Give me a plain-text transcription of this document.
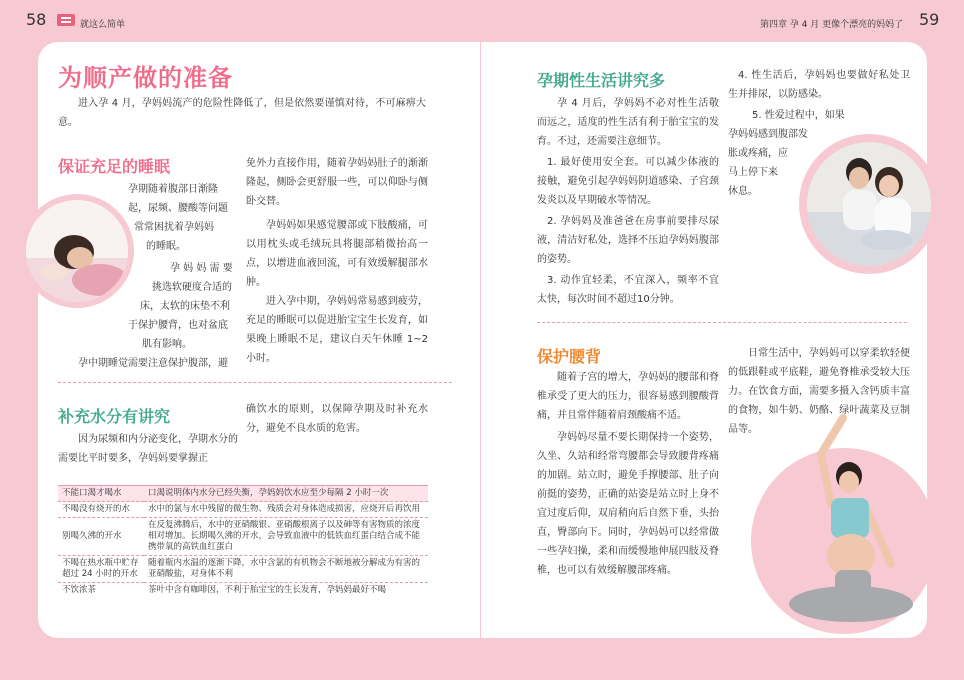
58	就这么简单	第四章 孕 4 月 更像个漂亮的妈妈了 59
为顺产做的准备
进入孕 4 月，孕妈妈流产的危险性降低了，但是依然要谨慎对待，不可麻痹大意。
保证充足的睡眠
孕期随着腹部日渐隆
起，尿频、腰酸等问题
常常困扰着孕妈妈
的睡眠。
孕 妈 妈 需 要
挑选软硬度合适的
床，太软的床垫不利
于保护腰背，也对盆底
肌有影响。
孕中期睡觉需要注意保护腹部，避
免外力直接作用，随着孕妈妈肚子的渐渐隆起，侧卧会更舒服一些，可以仰卧与侧卧交替。
孕妈妈如果感觉腰部或下肢酸痛，可以用枕头或毛绒玩具将腿部稍微抬高一点，以增进血液回流，可有效缓解腿部水肿。
进入孕中期，孕妈妈常易感到疲劳，充足的睡眠可以促进胎宝宝生长发育，如果晚上睡眠不足，建议白天午休睡 1~2 小时。
补充水分有讲究
因为尿频和内分泌变化，孕期水分的需要比平时要多，孕妈妈要掌握正
确饮水的原则，以保障孕期及时补充水分，避免不良水质的危害。
不能口渴才喝水	口渴说明体内水分已经失衡，孕妈妈饮水应至少每隔 2 小时一次
不喝没有烧开的水	水中的氯与水中残留的微生物、残质会对身体造成损害，应烧开后再饮用
别喝久沸的开水	在反复沸腾后，水中的亚硝酸银、亚硝酸根离子以及砷等有害物质的浓度相对增加。长期喝久沸的开水，会导致血液中的低铁血红蛋白结合成不能携带氧的高铁血红蛋白
不喝在热水瓶中贮存超过 24 小时的开水	随着瓶内水温的逐渐下降，水中含氯的有机物会不断地被分解成为有害的亚硝酸盐，对身体不利
不饮浓茶	茶叶中含有咖啡因，不利于胎宝宝的生长发育，孕妈妈最好不喝
孕期性生活讲究多
孕 4 月后，孕妈妈不必对性生活敬而远之，适度的性生活有利于胎宝宝的发育。不过，还需要注意细节。
1. 最好使用安全套。可以减少体液的接触，避免引起孕妈妈阴道感染、子宫颈发炎以及早期破水等情况。
2. 孕妈妈及准爸爸在房事前要排尽尿液，清洁好私处，选择不压迫孕妈妈腹部的姿势。
3. 动作宜轻柔，不宜深入，频率不宜太快，每次时间不超过10分钟。
4. 性生活后，孕妈妈也要做好私处卫生并排尿，以防感染。
5. 性爱过程中，如果
孕妈妈感到腹部发
胀或疼痛，应
马上停下来
休息。
保护腰背
随着子宫的增大，孕妈妈的腰部和脊椎承受了更大的压力，很容易感到腰酸背痛，并且常伴随着肩颈酸痛不适。
孕妈妈尽量不要长期保持一个姿势，久坐、久站和经常弯腰都会导致腰背疼痛的加剧。站立时，避免手撑腰部、肚子向前挺的姿势，正确的站姿是站立时上身不宜过度后仰，双肩稍向后自然下垂，头抬直，臀部向下。同时，孕妈妈可以经常做一些孕妇操，柔和而缓慢地伸展四肢及脊椎，也可以有效缓解腰部疼痛。
日常生活中，孕妈妈可以穿柔软轻便的低跟鞋或平底鞋，避免脊椎承受较大压力。在饮食方面，需要多摄入含钙质丰富的食物，如牛奶、奶酪、绿叶蔬菜及豆制品等。
